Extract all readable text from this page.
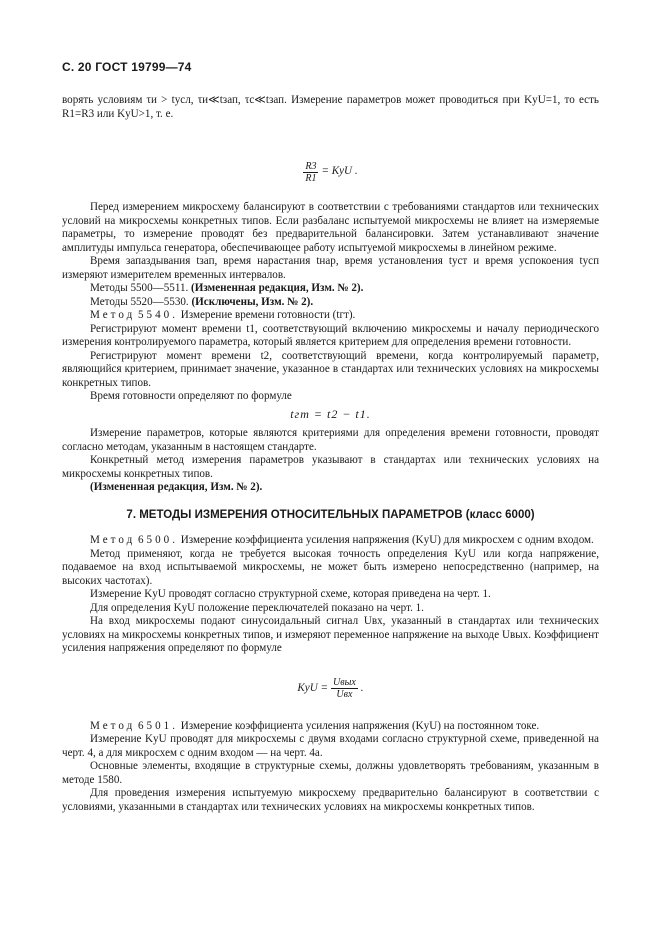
С. 20 ГОСТ 19799—74

ворять условиям τи > tусл, τи≪tзап, τс≪tзап. Измерение параметров может проводиться при KyU=1, то есть R1=R3 или KyU>1, т. е.

$\frac{R3}{R1}$ = KyU .

Перед измерением микросхему балансируют в соответствии с требованиями стандартов или технических условий на микросхемы конкретных типов. Если разбаланс испытуемой микросхемы не влияет на измеряемые параметры, то измерение проводят без предварительной балансировки. Затем устанавливают значение амплитуды импульса генератора, обеспечивающее работу испытуемой микросхемы в линейном режиме.

Время запаздывания tзап, время нарастания tнар, время установления tуст и время успокоения tусп измеряют измерителем временных интервалов.

Методы 5500—5511. (Измененная редакция, Изм. № 2).

Методы 5520—5530. (Исключены, Изм. № 2).

Метод 5540. Измерение времени готовности (tгт).

Регистрируют момент времени t1, соответствующий включению микросхемы и началу периодического измерения контролируемого параметра, который является критерием для определения времени готовности.

Регистрируют момент времени t2, соответствующий времени, когда контролируемый параметр, являющийся критерием, принимает значение, указанное в стандартах или технических условиях на микросхемы конкретных типов.

Время готовности определяют по формуле

tгт = t2 − t1.

Измерение параметров, которые являются критериями для определения времени готовности, проводят согласно методам, указанным в настоящем стандарте.

Конкретный метод измерения параметров указывают в стандартах или технических условиях на микросхемы конкретных типов.

(Измененная редакция, Изм. № 2).

7. МЕТОДЫ ИЗМЕРЕНИЯ ОТНОСИТЕЛЬНЫХ ПАРАМЕТРОВ (класс 6000)

Метод 6500. Измерение коэффициента усиления напряжения (KyU) для микросхем с одним входом.

Метод применяют, когда не требуется высокая точность определения KyU или когда напряжение, подаваемое на вход испытываемой микросхемы, не может быть измерено непосредственно (например, на высоких частотах).

Измерение KyU проводят согласно структурной схеме, которая приведена на черт. 1.

Для определения KyU положение переключателей показано на черт. 1.

На вход микросхемы подают синусоидальный сигнал Uвх, указанный в стандартах или технических условиях на микросхемы конкретных типов, и измеряют переменное напряжение на выходе Uвых. Коэффициент усиления напряжения определяют по формуле

KyU = $\frac{\text{Uвых}}{\text{Uвх}}$ .

Метод 6501. Измерение коэффициента усиления напряжения (KyU) на постоянном токе.

Измерение KyU проводят для микросхемы с двумя входами согласно структурной схеме, приведенной на черт. 4, а для микросхем с одним входом — на черт. 4а.

Основные элементы, входящие в структурные схемы, должны удовлетворять требованиям, указанным в методе 1580.

Для проведения измерения испытуемую микросхему предварительно балансируют в соответствии с условиями, указанными в стандартах или технических условиях на микросхемы конкретных типов.
